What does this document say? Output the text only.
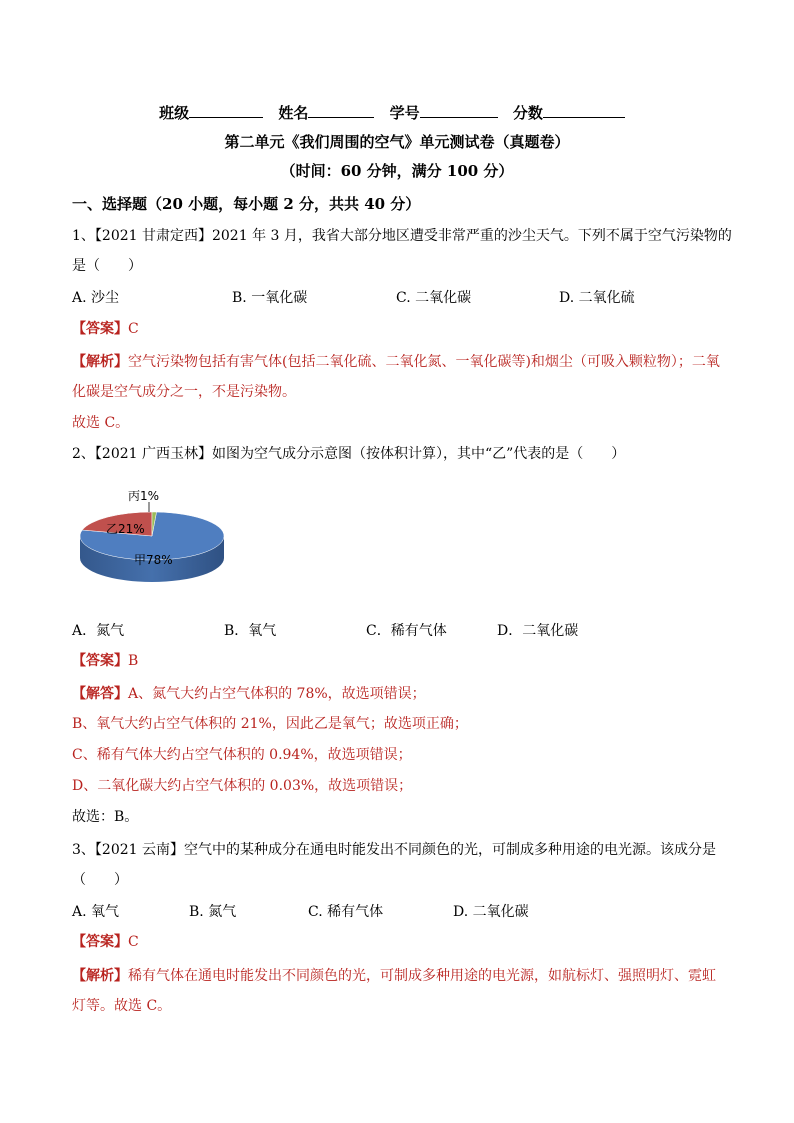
班级	姓名	学号	分数
第二单元《我们周围的空气》单元测试卷（真题卷）
（时间：60 分钟，满分 100 分）
一、选择题（20 小题，每小题 2 分，共共 40 分）
1、【2021 甘肃定西】2021 年 3 月，我省大部分地区遭受非常严重的沙尘天气。下列不属于空气污染物的
是（　　）
A. 沙尘	B. 一氧化碳	C. 二氧化碳	D. 二氧化硫
【答案】C
【解析】空气污染物包括有害气体(包括二氧化硫、二氧化氮、一氧化碳等)和烟尘（可吸入颗粒物）；二氧
化碳是空气成分之一，不是污染物。
故选 C。
2、【2021 广西玉林】如图为空气成分示意图（按体积计算），其中“乙”代表的是（　　）
丙1%
乙21%
甲78%
A．氮气	B．氧气	C．稀有气体	D．二氧化碳
【答案】B
【解答】A、氮气大约占空气体积的 78%，故选项错误；
B、氧气大约占空气体积的 21%，因此乙是氧气；故选项正确；
C、稀有气体大约占空气体积的 0.94%，故选项错误；
D、二氧化碳大约占空气体积的 0.03%，故选项错误；
故选：B。
3、【2021 云南】空气中的某种成分在通电时能发出不同颜色的光，可制成多种用途的电光源。该成分是
（　　）
A. 氧气	B. 氮气	C. 稀有气体	D. 二氧化碳
【答案】C
【解析】稀有气体在通电时能发出不同颜色的光，可制成多种用途的电光源，如航标灯、强照明灯、霓虹
灯等。故选 C。
